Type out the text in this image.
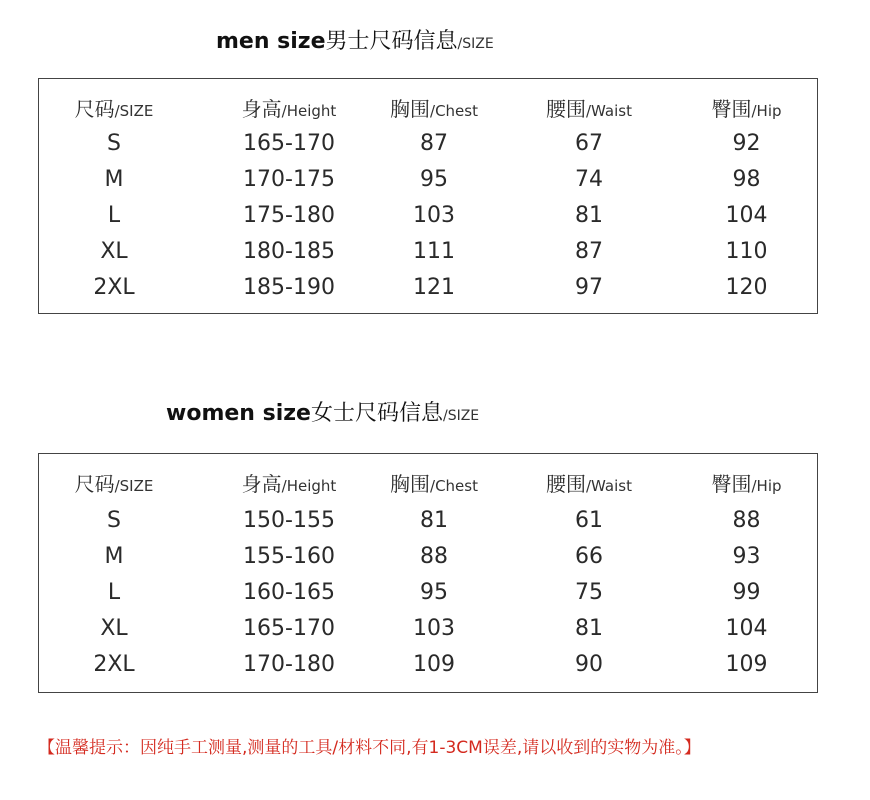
men size男士尺码信息/SIZE
尺码/SIZE	身高/Height	胸围/Chest	腰围/Waist	臀围/Hip
S	165-170	87	67	92
M	170-175	95	74	98
L	175-180	103	81	104
XL	180-185	111	87	110
2XL	185-190	121	97	120
women size女士尺码信息/SIZE
尺码/SIZE	身高/Height	胸围/Chest	腰围/Waist	臀围/Hip
S	150-155	81	61	88
M	155-160	88	66	93
L	160-165	95	75	99
XL	165-170	103	81	104
2XL	170-180	109	90	109
【温馨提示：因纯手工测量,测量的工具/材料不同,有1-3CM误差,请以收到的实物为准。】
